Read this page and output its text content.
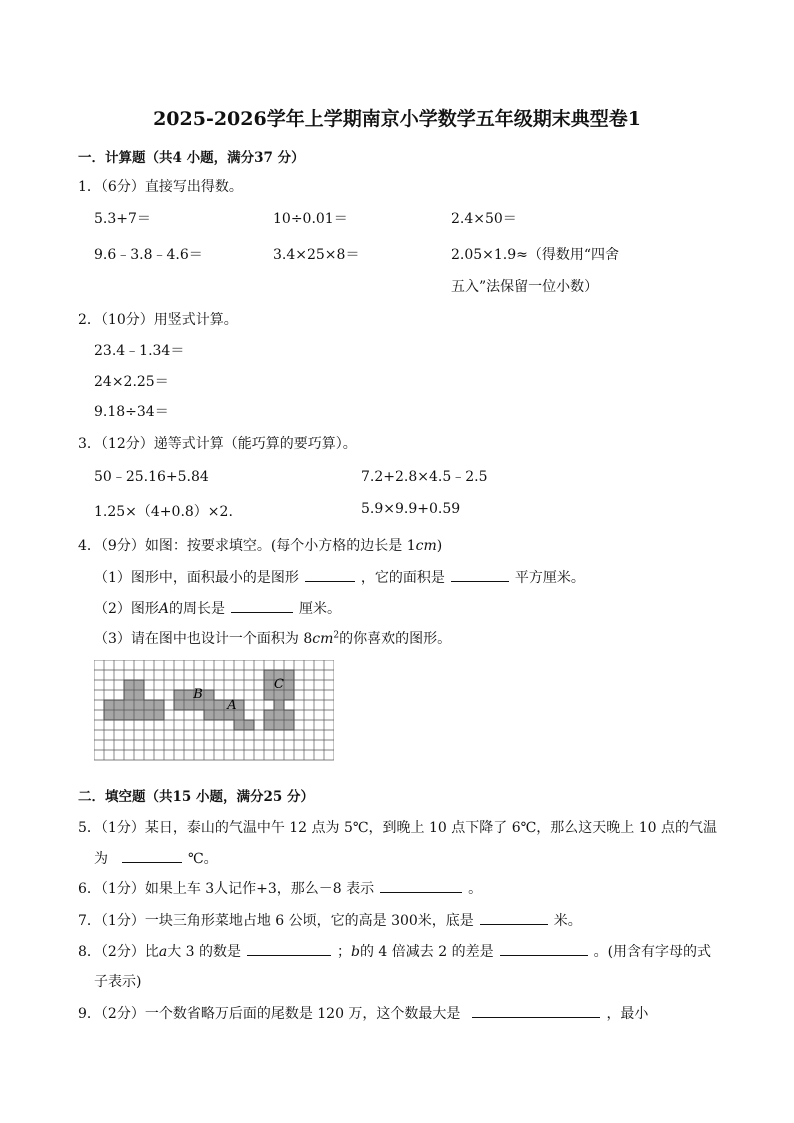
2025-2026学年上学期南京小学数学五年级期末典型卷1
一．计算题（共4 小题，满分37 分）
1．（6分）直接写出得数。
5.3+7＝	10÷0.01＝	2.4×50＝
9.6﹣3.8﹣4.6＝	3.4×25×8＝	2.05×1.9≈（得数用“四舍
五入”法保留一位小数）
2．（10分）用竖式计算。
23.4﹣1.34＝
24×2.25＝
9.18÷34＝
3．（12分）递等式计算（能巧算的要巧算）。
50﹣25.16+5.84	7.2+2.8×4.5﹣2.5
1.25×（4+0.8）×2.	5.9×9.9+0.59
4．（9分）如图：按要求填空。(每个小方格的边长是 1cm)
（1）图形中，面积最小的是图形	，它的面积是	平方厘米。
（2）图形A的周长是	厘米。
（3）请在图中也设计一个面积为 $8cm^2$的你喜欢的图形。
A
B
C
二．填空题（共15 小题，满分25 分）
5．（1分）某日，泰山的气温中午 12 点为 5℃，到晚上 10 点下降了 6℃，那么这天晚上 10 点的气温
为	℃。
6．（1分）如果上车 3人记作+3，那么－8 表示	。
7．（1分）一块三角形菜地占地 6 公顷，它的高是 300米，底是	米。
8．（2分）比a大 3 的数是	；b的 4 倍减去 2 的差是	。(用含有字母的式
子表示)
9．（2分）一个数省略万后面的尾数是 120 万，这个数最大是	，最小
